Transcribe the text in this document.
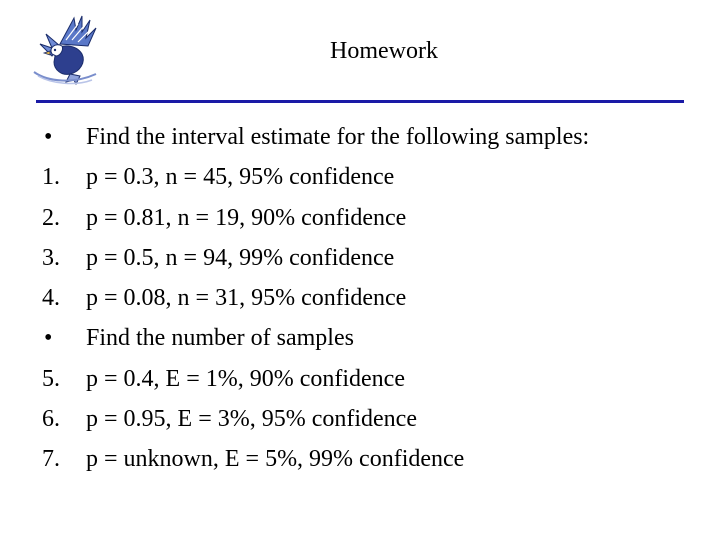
Homework
• Find the interval estimate for the following samples:
1. p = 0.3, n = 45, 95% confidence
2. p = 0.81, n = 19, 90% confidence
3. p = 0.5, n = 94, 99% confidence
4. p = 0.08, n = 31, 95% confidence
• Find the number of samples
5. p = 0.4, E = 1%, 90% confidence
6. p = 0.95, E = 3%, 95% confidence
7. p = unknown, E = 5%, 99% confidence
